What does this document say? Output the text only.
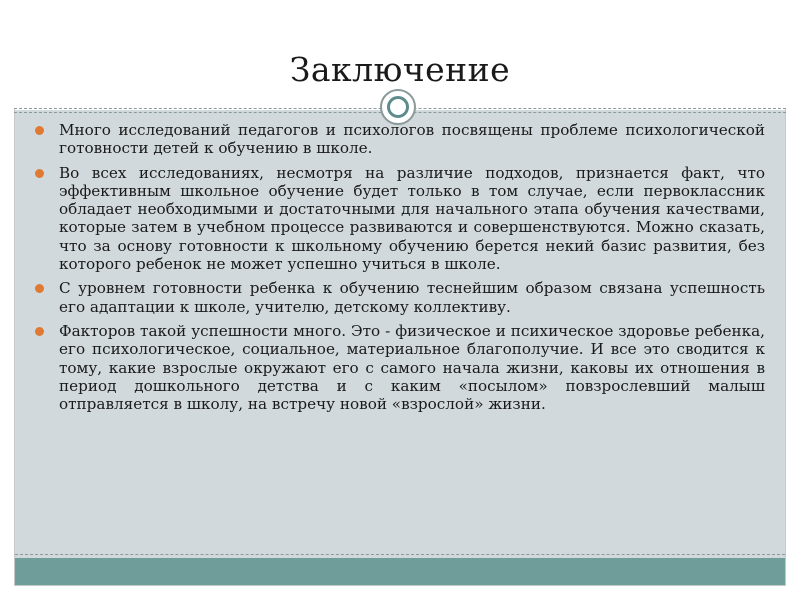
Заключение
Много исследований педагогов и психологов посвящены проблеме психологической готовности детей к обучению в школе.
Во всех исследованиях, несмотря на различие подходов, признается факт, что эффективным школьное обучение будет только в том случае, если первоклассник обладает необходимыми и достаточными для начального этапа обучения качествами, которые затем в учебном процессе развиваются и совершенствуются. Можно сказать, что за основу готовности к школьному обучению берется некий базис развития, без которого ребенок не может успешно учиться в школе.
С уровнем готовности ребенка к обучению теснейшим образом связана успешность его адаптации к школе, учителю, детскому коллективу.
Факторов такой успешности много. Это - физическое и психическое здоровье ребенка, его психологическое, социальное, материальное благополучие. И все это сводится к тому, какие взрослые окружают его с самого начала жизни, каковы их отношения в период дошкольного детства и с каким «посылом» повзрослевший малыш отправляется в школу, на встречу новой «взрослой» жизни.
